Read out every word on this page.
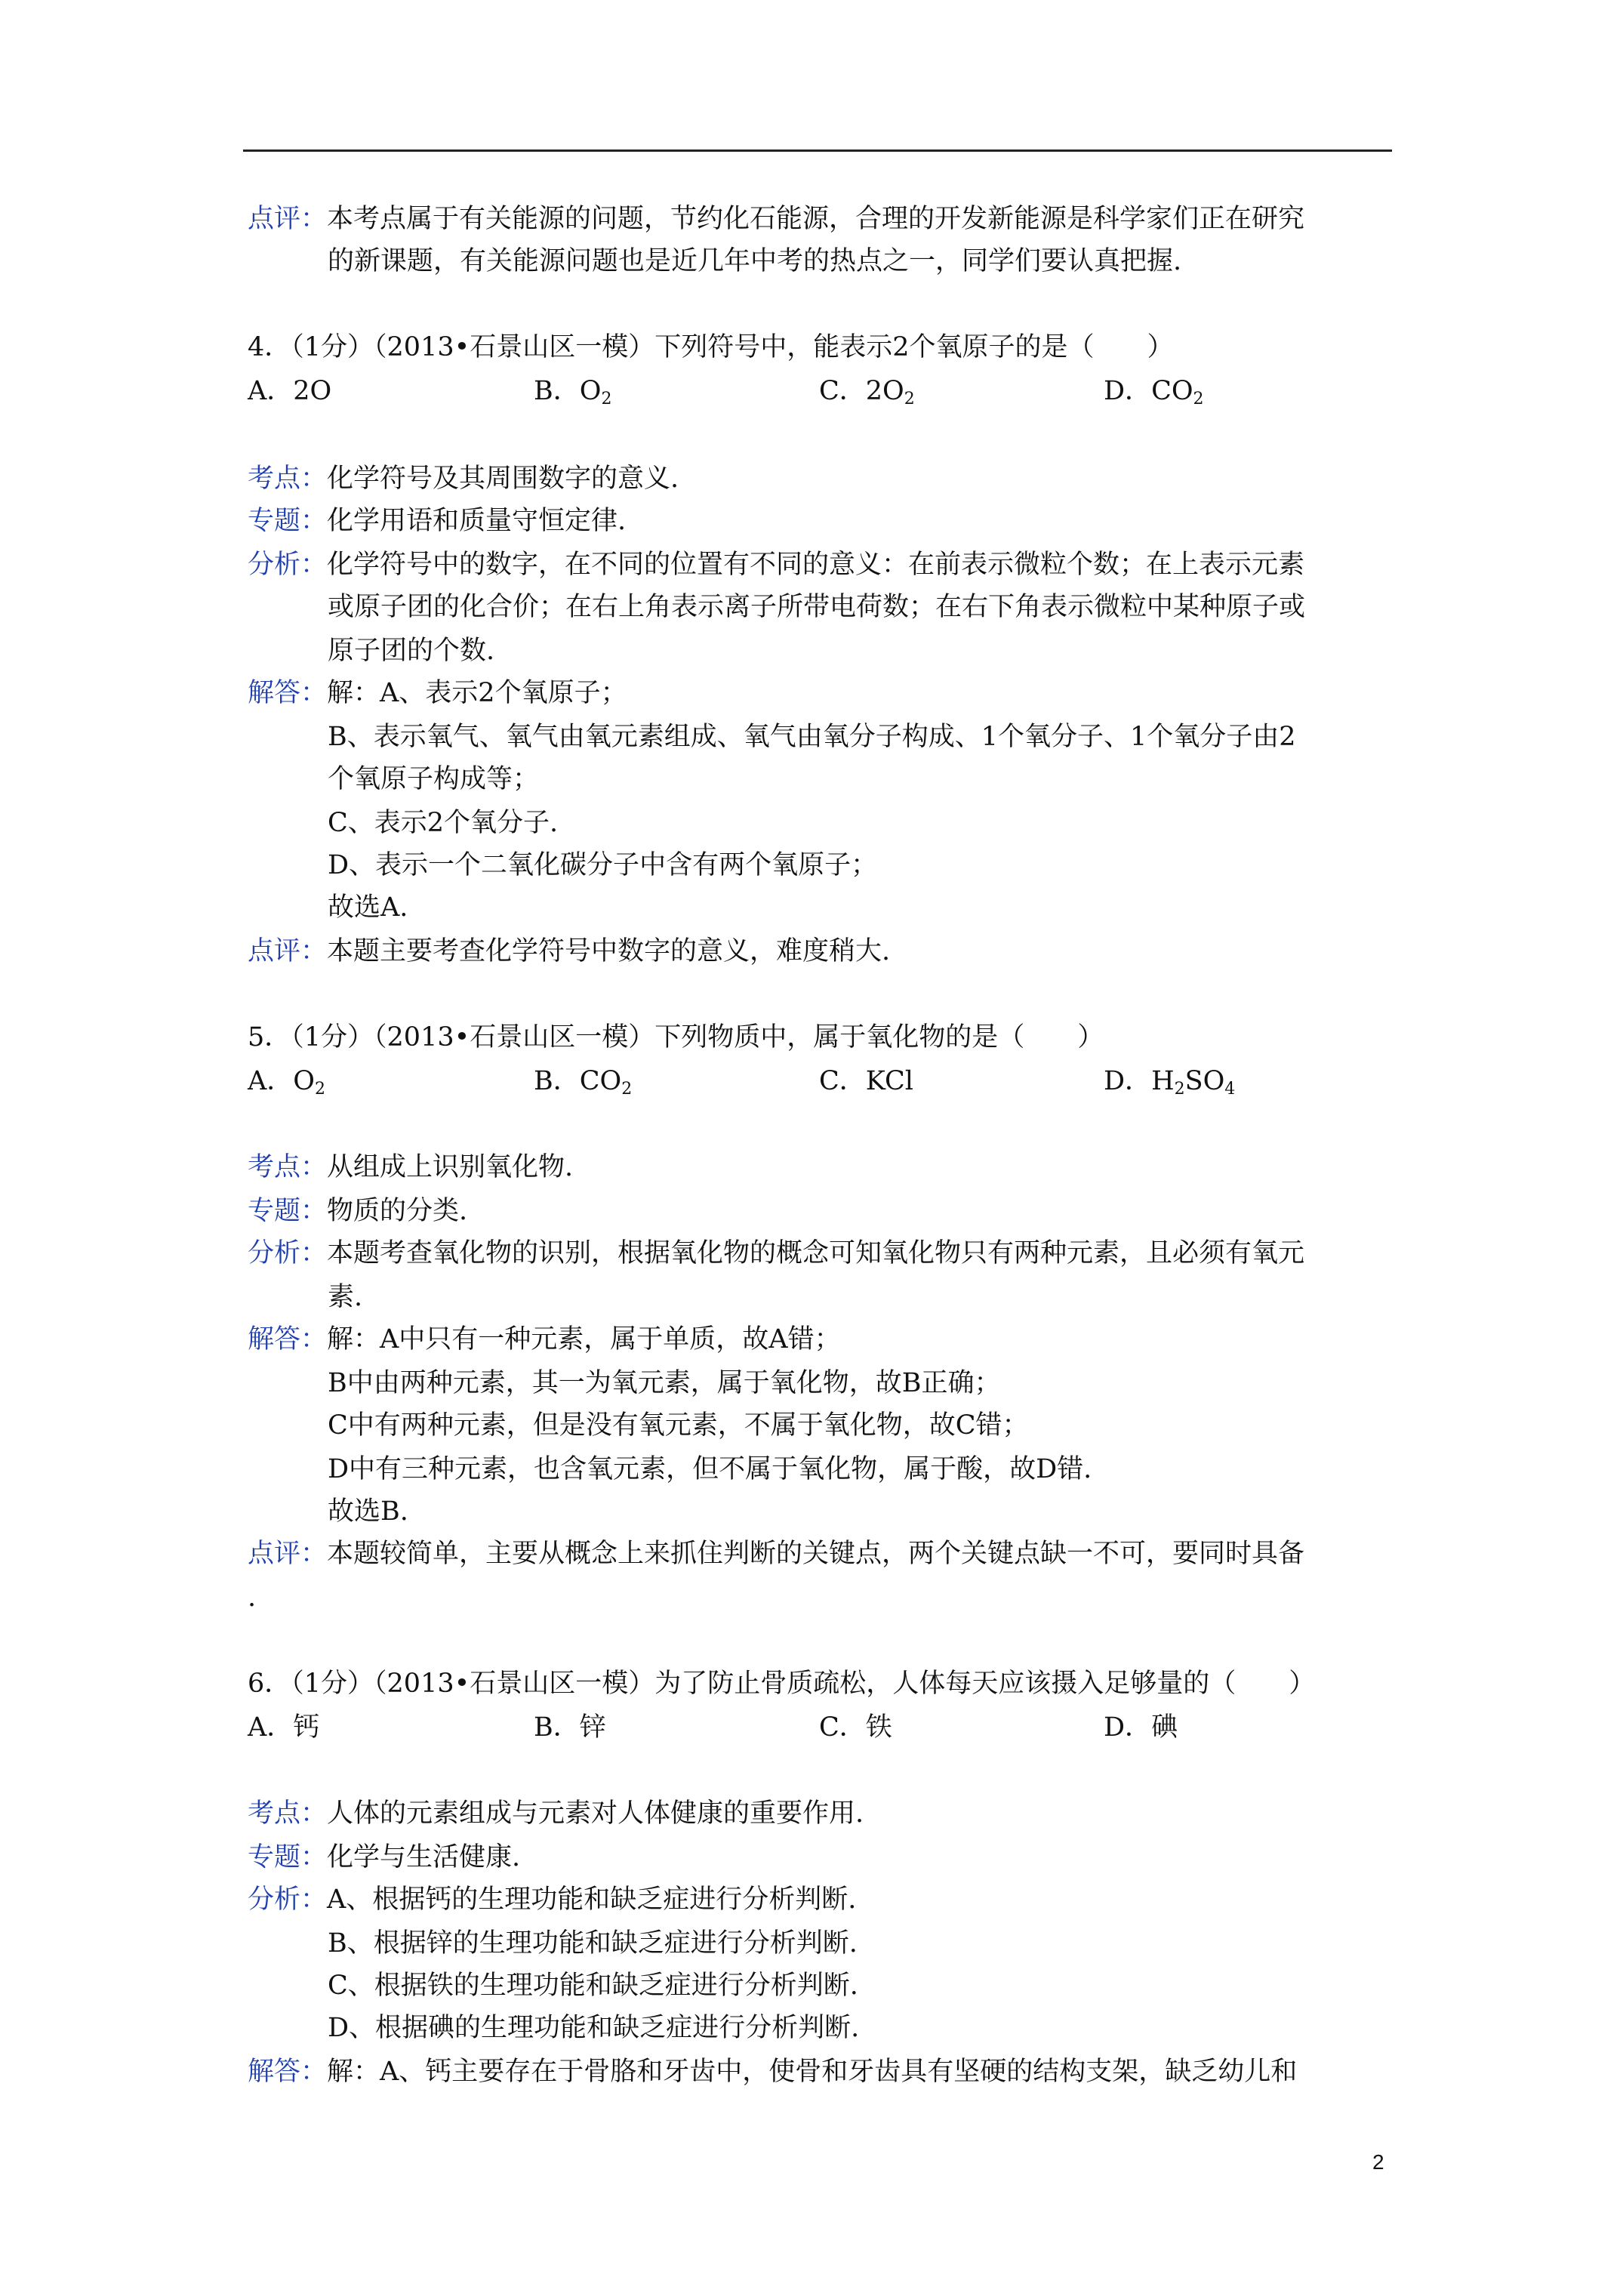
点评：本考点属于有关能源的问题，节约化石能源，合理的开发新能源是科学家们正在研究
的新课题，有关能源问题也是近几年中考的热点之一，同学们要认真把握.
4．（1分）（2013•石景山区一模）下列符号中，能表示2个氧原子的是（　　）
A．2O	B．$O_2$	C．$2O_2$	D．$CO_2$
考点：化学符号及其周围数字的意义.
专题：化学用语和质量守恒定律.
分析：化学符号中的数字，在不同的位置有不同的意义：在前表示微粒个数；在上表示元素
或原子团的化合价；在右上角表示离子所带电荷数；在右下角表示微粒中某种原子或
原子团的个数.
解答：解：A、表示2个氧原子；
B、表示氧气、氧气由氧元素组成、氧气由氧分子构成、1个氧分子、1个氧分子由2
个氧原子构成等；
C、表示2个氧分子.
D、表示一个二氧化碳分子中含有两个氧原子；
故选A.
点评：本题主要考查化学符号中数字的意义，难度稍大.
5．（1分）（2013•石景山区一模）下列物质中，属于氧化物的是（　　）
A．$O_2$	B．$CO_2$	C．KCl	D．$H_2SO_4$
考点：从组成上识别氧化物.
专题：物质的分类.
分析：本题考查氧化物的识别，根据氧化物的概念可知氧化物只有两种元素，且必须有氧元
素.
解答：解：A中只有一种元素，属于单质，故A错；
B中由两种元素，其一为氧元素，属于氧化物，故B正确；
C中有两种元素，但是没有氧元素，不属于氧化物，故C错；
D中有三种元素，也含氧元素，但不属于氧化物，属于酸，故D错.
故选B.
点评：本题较简单，主要从概念上来抓住判断的关键点，两个关键点缺一不可，要同时具备
.
6．（1分）（2013•石景山区一模）为了防止骨质疏松，人体每天应该摄入足够量的（　　）
A．钙	B．锌	C．铁	D．碘
考点：人体的元素组成与元素对人体健康的重要作用.
专题：化学与生活健康.
分析：A、根据钙的生理功能和缺乏症进行分析判断.
B、根据锌的生理功能和缺乏症进行分析判断.
C、根据铁的生理功能和缺乏症进行分析判断.
D、根据碘的生理功能和缺乏症进行分析判断.
解答：解：A、钙主要存在于骨胳和牙齿中，使骨和牙齿具有坚硬的结构支架，缺乏幼儿和
2
